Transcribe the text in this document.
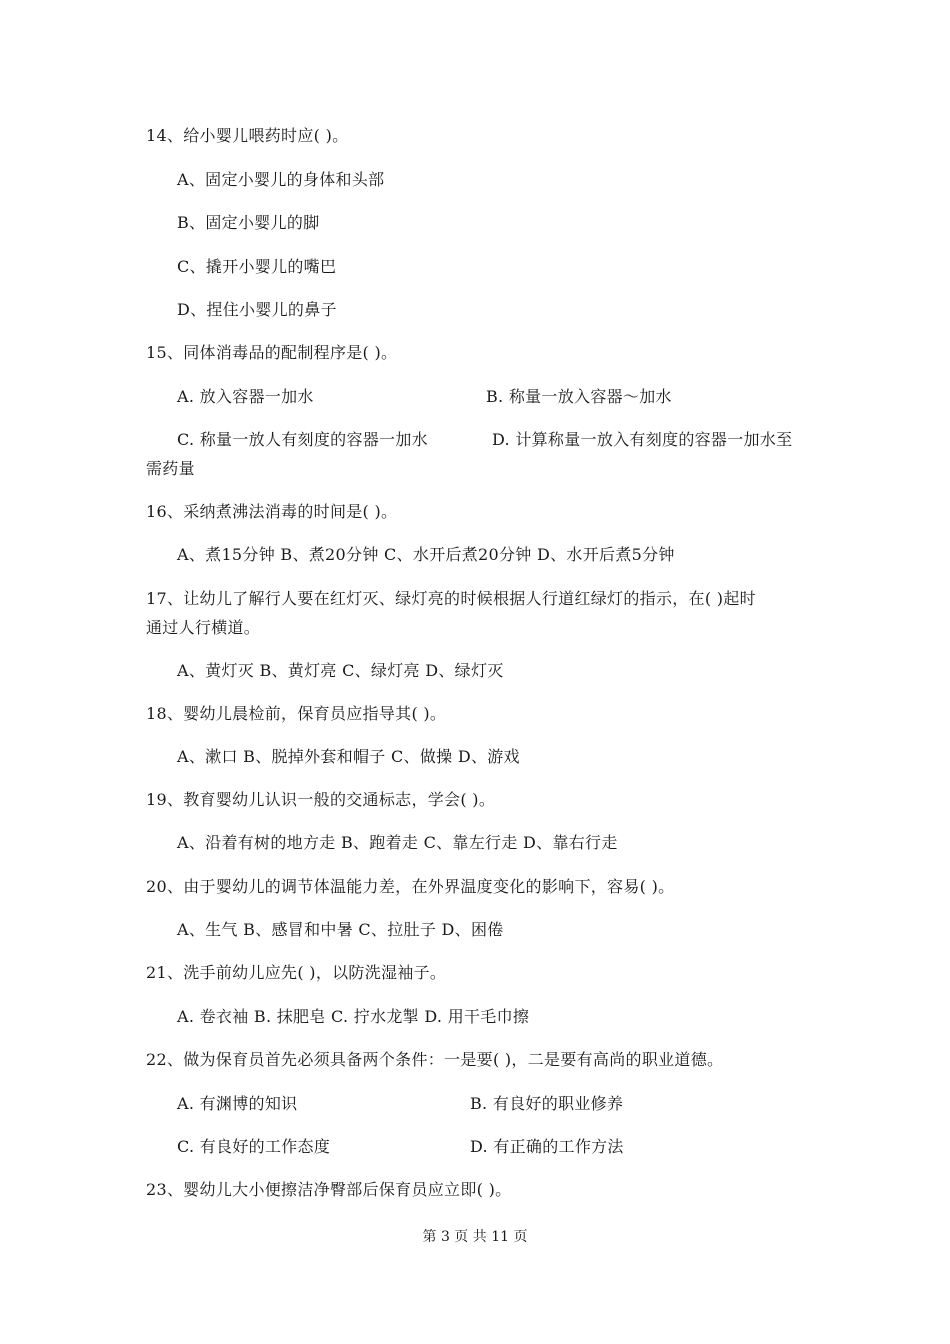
14、给小婴儿喂药时应( )。
A、固定小婴儿的身体和头部
B、固定小婴儿的脚
C、撬开小婴儿的嘴巴
D、捏住小婴儿的鼻子
15、同体消毒品的配制程序是( )。
A. 放入容器一加水	B. 称量一放入容器～加水
C. 称量一放人有刻度的容器一加水	D. 计算称量一放入有刻度的容器一加水至
需药量
16、采纳煮沸法消毒的时间是( )。
A、煮15分钟 B、煮20分钟 C、水开后煮20分钟 D、水开后煮5分钟
17、让幼儿了解行人要在红灯灭、绿灯亮的时候根据人行道红绿灯的指示，在( )起时
通过人行横道。
A、黄灯灭 B、黄灯亮 C、绿灯亮 D、绿灯灭
18、婴幼儿晨检前，保育员应指导其( )。
A、漱口 B、脱掉外套和帽子 C、做操 D、游戏
19、教育婴幼儿认识一般的交通标志，学会( )。
A、沿着有树的地方走 B、跑着走 C、靠左行走 D、靠右行走
20、由于婴幼儿的调节体温能力差，在外界温度变化的影响下，容易( )。
A、生气 B、感冒和中暑 C、拉肚子 D、困倦
21、洗手前幼儿应先( )，以防洗湿袖子。
A. 卷衣袖 B. 抹肥皂 C. 拧水龙掣 D. 用干毛巾擦
22、做为保育员首先必须具备两个条件：一是要( )，二是要有高尚的职业道德。
A. 有渊博的知识	B. 有良好的职业修养
C. 有良好的工作态度	D. 有正确的工作方法
23、婴幼儿大小便擦洁净臀部后保育员应立即( )。
第 3 页 共 11 页
